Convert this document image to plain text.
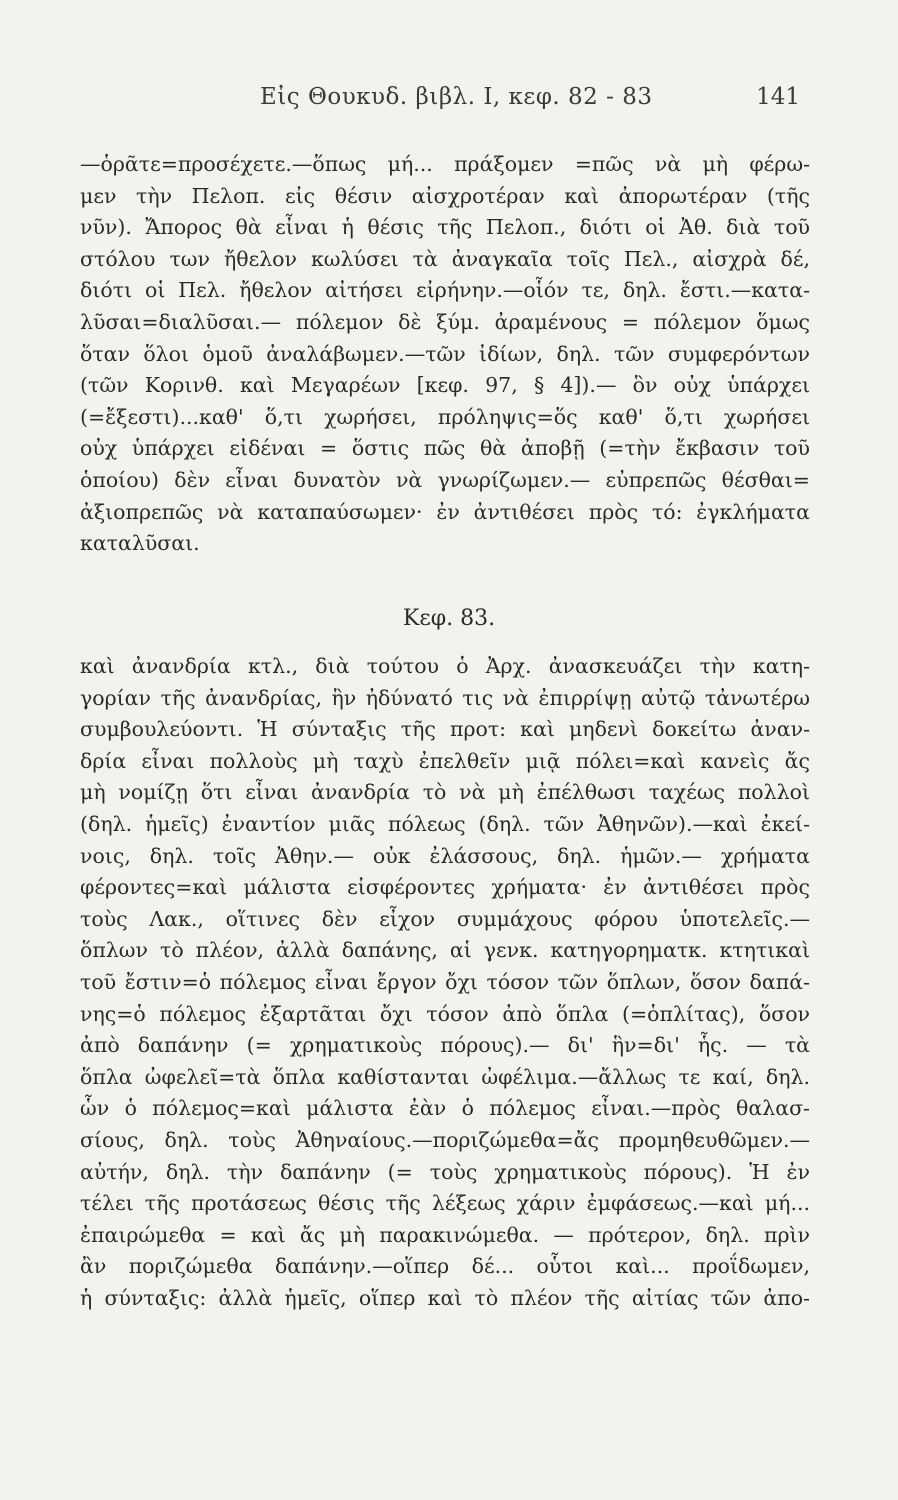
Εἰς Θουκυδ. βιβλ. I, κεφ. 82 - 83	141
—ὁρᾶτε=προσέχετε.—ὅπως μή... πράξομεν =πῶς νὰ μὴ φέρω-
μεν τὴν Πελοπ. εἰς θέσιν αἰσχροτέραν καὶ ἀπορωτέραν (τῆς
νῦν). Ἄπορος θὰ εἶναι ἡ θέσις τῆς Πελοπ., διότι οἱ Ἀθ. διὰ τοῦ
στόλου των ἤθελον κωλύσει τὰ ἀναγκαῖα τοῖς Πελ., αἰσχρὰ δέ,
διότι οἱ Πελ. ἤθελον αἰτήσει εἰρήνην.—οἷόν τε, δηλ. ἔστι.—κατα-
λῦσαι=διαλῦσαι.— πόλεμον δὲ ξύμ. ἀραμένους = πόλεμον ὅμως
ὅταν ὅλοι ὁμοῦ ἀναλάβωμεν.—τῶν ἰδίων, δηλ. τῶν συμφερόντων
(τῶν Κορινθ. καὶ Μεγαρέων [κεφ. 97, § 4]).— ὃν οὐχ ὑπάρχει
(=ἔξεστι)...καθ' ὅ,τι χωρήσει, πρόληψις=ὅς καθ' ὅ,τι χωρήσει
οὐχ ὑπάρχει εἰδέναι = ὅστις πῶς θὰ ἀποβῇ (=τὴν ἔκβασιν τοῦ
ὁποίου) δὲν εἶναι δυνατὸν νὰ γνωρίζωμεν.— εὐπρεπῶς θέσθαι=
ἀξιοπρεπῶς νὰ καταπαύσωμεν· ἐν ἀντιθέσει πρὸς τό: ἐγκλήματα
καταλῦσαι.
Κεφ. 83.
καὶ ἀνανδρία κτλ., διὰ τούτου ὁ Ἀρχ. ἀνασκευάζει τὴν κατη-
γορίαν τῆς ἀνανδρίας, ἣν ἠδύνατό τις νὰ ἐπιρρίψῃ αὐτῷ τἀνωτέρω
συμβουλεύοντι. Ἡ σύνταξις τῆς προτ: καὶ μηδενὶ δοκείτω ἀναν-
δρία εἶναι πολλοὺς μὴ ταχὺ ἐπελθεῖν μιᾷ πόλει=καὶ κανεὶς ἄς
μὴ νομίζῃ ὅτι εἶναι ἀνανδρία τὸ νὰ μὴ ἐπέλθωσι ταχέως πολλοὶ
(δηλ. ἡμεῖς) ἐναντίον μιᾶς πόλεως (δηλ. τῶν Ἀθηνῶν).—καὶ ἐκεί-
νοις, δηλ. τοῖς Ἀθην.— οὐκ ἐλάσσους, δηλ. ἡμῶν.— χρήματα
φέροντες=καὶ μάλιστα εἰσφέροντες χρήματα· ἐν ἀντιθέσει πρὸς
τοὺς Λακ., οἵτινες δὲν εἶχον συμμάχους φόρου ὑποτελεῖς.—
ὅπλων τὸ πλέον, ἀλλὰ δαπάνης, αἱ γενκ. κατηγορηματκ. κτητικαὶ
τοῦ ἔστιν=ὁ πόλεμος εἶναι ἔργον ὄχι τόσον τῶν ὅπλων, ὅσον δαπά-
νης=ὁ πόλεμος ἐξαρτᾶται ὄχι τόσον ἀπὸ ὅπλα (=ὁπλίτας), ὅσον
ἀπὸ δαπάνην (= χρηματικοὺς πόρους).— δι' ἣν=δι' ἧς. — τὰ
ὅπλα ὠφελεῖ=τὰ ὅπλα καθίστανται ὠφέλιμα.—ἄλλως τε καί, δηλ.
ὧν ὁ πόλεμος=καὶ μάλιστα ἐὰν ὁ πόλεμος εἶναι.—πρὸς θαλασ-
σίους, δηλ. τοὺς Ἀθηναίους.—ποριζώμεθα=ἄς προμηθευθῶμεν.—
αὐτήν, δηλ. τὴν δαπάνην (= τοὺς χρηματικοὺς πόρους). Ἡ ἐν
τέλει τῆς προτάσεως θέσις τῆς λέξεως χάριν ἐμφάσεως.—καὶ μή...
ἐπαιρώμεθα = καὶ ἄς μὴ παρακινώμεθα. — πρότερον, δηλ. πρὶν
ἂν ποριζώμεθα δαπάνην.—οἵπερ δέ... οὗτοι καὶ... προΐδωμεν,
ἡ σύνταξις: ἀλλὰ ἡμεῖς, οἵπερ καὶ τὸ πλέον τῆς αἰτίας τῶν ἀπο-
